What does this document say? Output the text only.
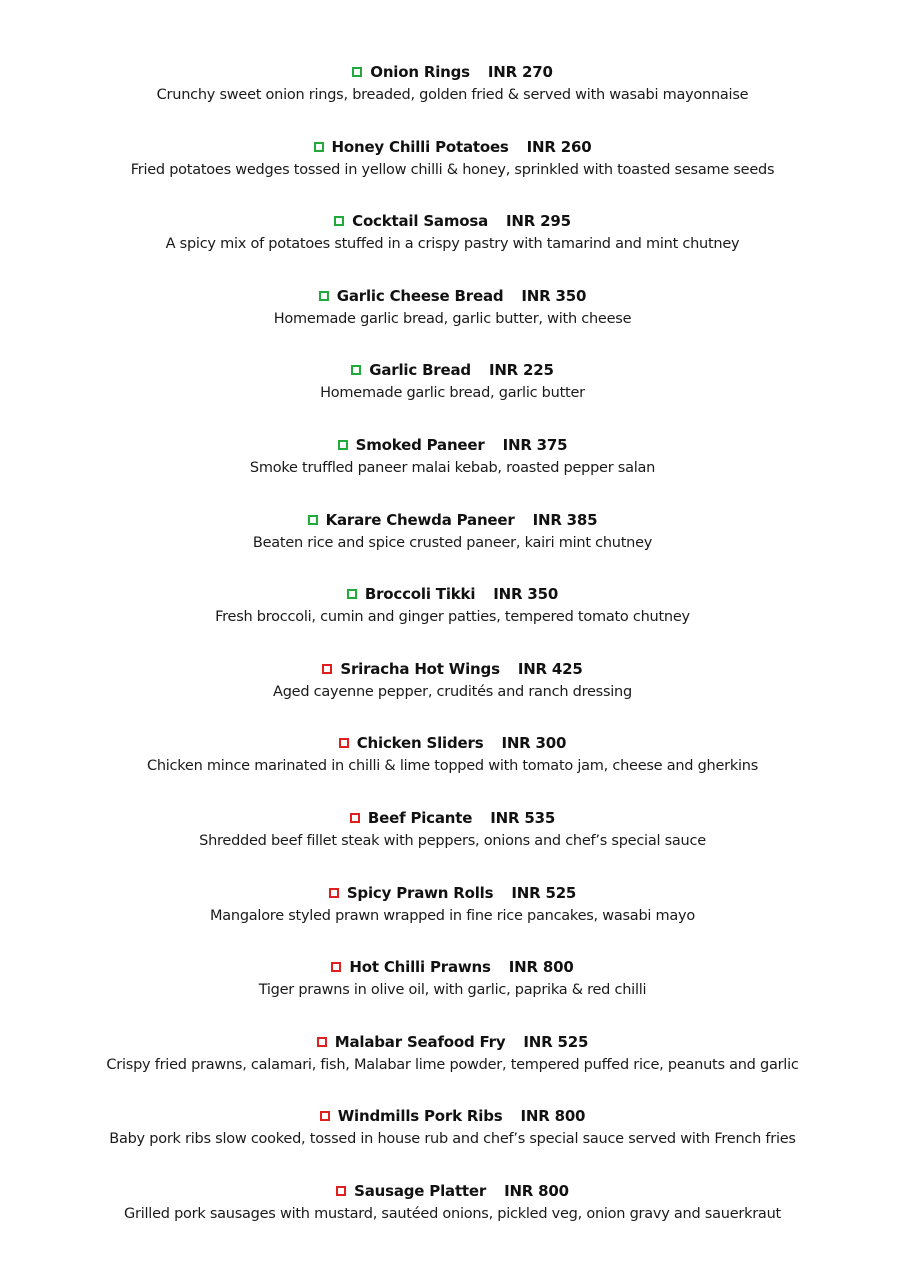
Onion Rings INR 270
Crunchy sweet onion rings, breaded, golden fried & served with wasabi mayonnaise
Honey Chilli Potatoes INR 260
Fried potatoes wedges tossed in yellow chilli & honey, sprinkled with toasted sesame seeds
Cocktail Samosa INR 295
A spicy mix of potatoes stuffed in a crispy pastry with tamarind and mint chutney
Garlic Cheese Bread INR 350
Homemade garlic bread, garlic butter, with cheese
Garlic Bread INR 225
Homemade garlic bread, garlic butter
Smoked Paneer INR 375
Smoke truffled paneer malai kebab, roasted pepper salan
Karare Chewda Paneer INR 385
Beaten rice and spice crusted paneer, kairi mint chutney
Broccoli Tikki INR 350
Fresh broccoli, cumin and ginger patties, tempered tomato chutney
Sriracha Hot Wings INR 425
Aged cayenne pepper, crudités and ranch dressing
Chicken Sliders INR 300
Chicken mince marinated in chilli & lime topped with tomato jam, cheese and gherkins
Beef Picante INR 535
Shredded beef fillet steak with peppers, onions and chef’s special sauce
Spicy Prawn Rolls INR 525
Mangalore styled prawn wrapped in fine rice pancakes, wasabi mayo
Hot Chilli Prawns INR 800
Tiger prawns in olive oil, with garlic, paprika & red chilli
Malabar Seafood Fry INR 525
Crispy fried prawns, calamari, fish, Malabar lime powder, tempered puffed rice, peanuts and garlic
Windmills Pork Ribs INR 800
Baby pork ribs slow cooked, tossed in house rub and chef’s special sauce served with French fries
Sausage Platter INR 800
Grilled pork sausages with mustard, sautéed onions, pickled veg, onion gravy and sauerkraut
